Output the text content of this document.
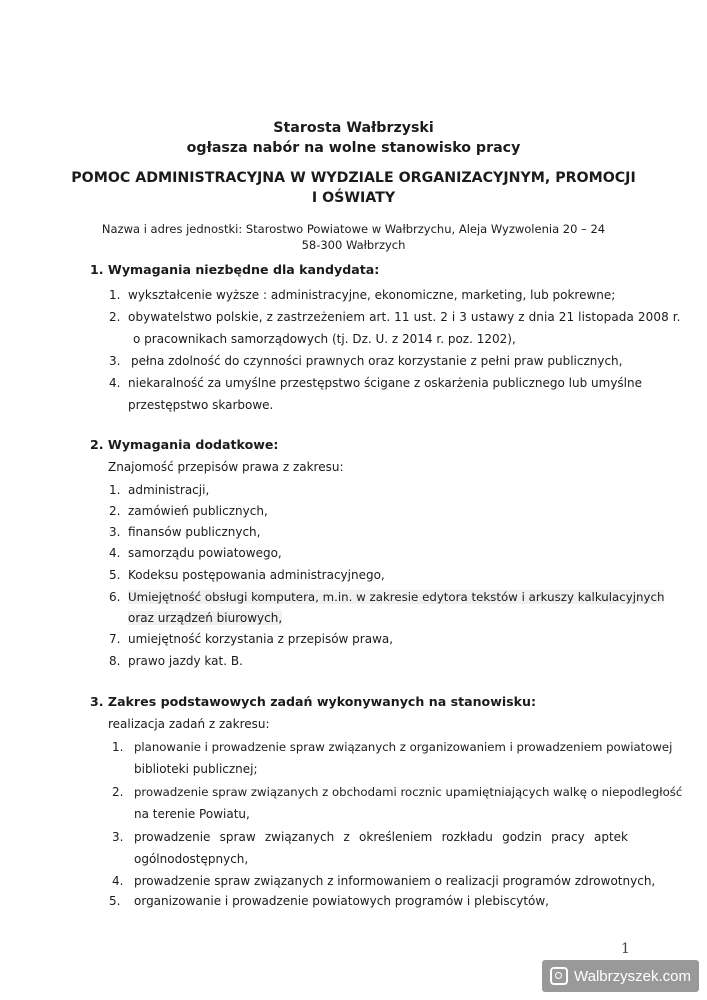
Starosta Wałbrzyski
ogłasza nabór na wolne stanowisko pracy
POMOC ADMINISTRACYJNA W WYDZIALE ORGANIZACYJNYM, PROMOCJI
I OŚWIATY
Nazwa i adres jednostki: Starostwo Powiatowe w Wałbrzychu, Aleja Wyzwolenia 20 – 24
58-300 Wałbrzych
1. Wymagania niezbędne dla kandydata:
1. wykształcenie wyższe : administracyjne, ekonomiczne, marketing, lub pokrewne;
2. obywatelstwo polskie, z zastrzeżeniem art. 11 ust. 2 i 3 ustawy z dnia 21 listopada 2008 r.
o pracownikach samorządowych (tj. Dz. U. z 2014 r. poz. 1202),
3. pełna zdolność do czynności prawnych oraz korzystanie z pełni praw publicznych,
4. niekaralność za umyślne przestępstwo ścigane z oskarżenia publicznego lub umyślne
przestępstwo skarbowe.
2. Wymagania dodatkowe:
Znajomość przepisów prawa z zakresu:
1. administracji,
2. zamówień publicznych,
3. finansów publicznych,
4. samorządu powiatowego,
5. Kodeksu postępowania administracyjnego,
6. Umiejętność obsługi komputera, m.in. w zakresie edytora tekstów i arkuszy kalkulacyjnych
oraz urządzeń biurowych,
7. umiejętność korzystania z przepisów prawa,
8. prawo jazdy kat. B.
3. Zakres podstawowych zadań wykonywanych na stanowisku:
realizacja zadań z zakresu:
1. planowanie i prowadzenie spraw związanych z organizowaniem i prowadzeniem powiatowej
biblioteki publicznej;
2. prowadzenie spraw związanych z obchodami rocznic upamiętniających walkę o niepodległość
na terenie Powiatu,
3. prowadzenie spraw związanych z określeniem rozkładu godzin pracy aptek
ogólnodostępnych,
4. prowadzenie spraw związanych z informowaniem o realizacji programów zdrowotnych,
5. organizowanie i prowadzenie powiatowych programów i plebiscytów,
1
Walbrzyszek.com
